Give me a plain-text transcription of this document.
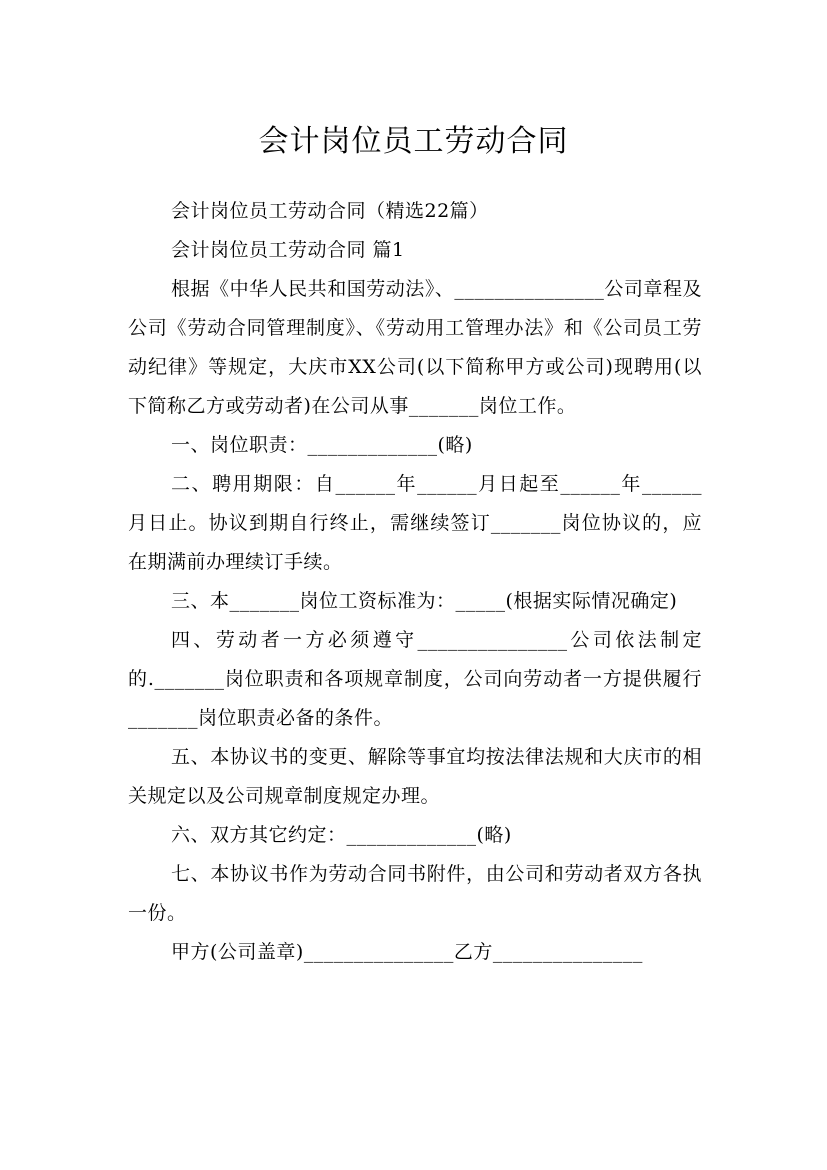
会计岗位员工劳动合同

会计岗位员工劳动合同（精选22篇）

会计岗位员工劳动合同 篇1

根据《中华人民共和国劳动法》、_______________公司章程及公司《劳动合同管理制度》、《劳动用工管理办法》和《公司员工劳动纪律》等规定，大庆市XX公司(以下简称甲方或公司)现聘用(以下简称乙方或劳动者)在公司从事_______岗位工作。

一、岗位职责：_____________(略)

二、聘用期限：自______年______月日起至______年______月日止。协议到期自行终止，需继续签订_______岗位协议的，应在期满前办理续订手续。

三、本_______岗位工资标准为：_____(根据实际情况确定)

四、劳动者一方必须遵守_______________公司依法制定的._______岗位职责和各项规章制度，公司向劳动者一方提供履行_______岗位职责必备的条件。

五、本协议书的变更、解除等事宜均按法律法规和大庆市的相关规定以及公司规章制度规定办理。

六、双方其它约定：_____________(略)

七、本协议书作为劳动合同书附件，由公司和劳动者双方各执一份。

甲方(公司盖章)_______________乙方_______________
